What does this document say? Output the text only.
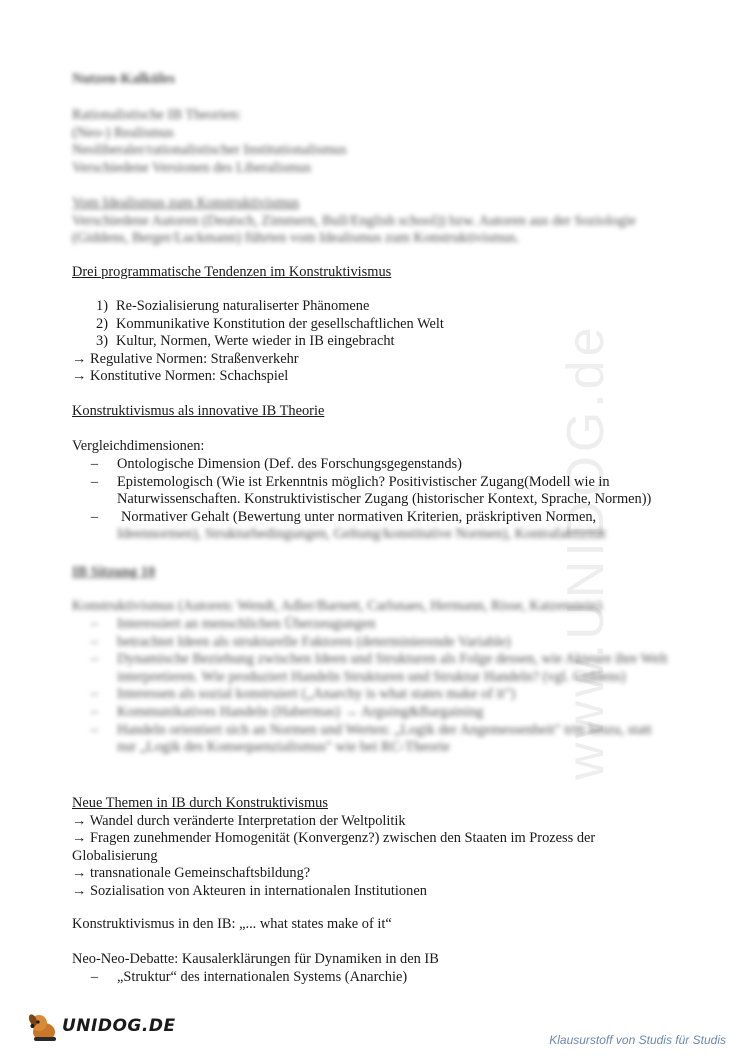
www.UNIDOG.de
Nutzen-Kalküles
Rationalistische IB Theorien:
(Neo-) Realismus
Neoliberaler/rationalistischer Institutionalismus
Verschiedene Versionen des Liberalismus
Vom Idealismus zum Konstruktivismus
Verschiedene Autoren (Deutsch, Zimmern, Bull/English school)) bzw. Autoren aus der Soziologie (Giddens, Berger/Luckmann) führten vom Idealismus zum Konstruktivismus.
Drei programmatische Tendenzen im Konstruktivismus
1) Re-Sozialisierung naturaliserter Phänomene
2) Kommunikative Konstitution der gesellschaftlichen Welt
3) Kultur, Normen, Werte wieder in IB eingebracht
→ Regulative Normen: Straßenverkehr
→ Konstitutive Normen: Schachspiel
Konstruktivismus als innovative IB Theorie
Vergleichdimensionen:
–	Ontologische Dimension (Def. des Forschungsgegenstands)
–	Epistemologisch (Wie ist Erkenntnis möglich? Positivistischer Zugang(Modell wie in Naturwissenschaften. Konstruktivistischer Zugang (historischer Kontext, Sprache, Normen))
–	Normativer Gehalt (Bewertung unter normativen Kriterien, präskriptiven Normen,
Ideennormen), Strukturbedingungen, Geltung/konstitutive Normen), Kontrafaktizität
IB Sitzung 10
Konstruktivismus (Autoren: Wendt, Adler/Barnett, Carlsnaes, Hermann, Risse, Katzenstein)
–	Interessiert an menschlichen Überzeugungen
–	betrachtet Ideen als strukturelle Faktoren (determinierende Variable)
–	Dynamische Beziehung zwischen Ideen und Strukturen als Folge dessen, wie Akteure ihre Welt interpretieren. Wie produziert Handeln Strukturen und Struktur Handeln? (vgl. Giddens)
–	Interessen als sozial konstruiert („Anarchy is what states make of it")
–	Kommunikatives Handeln (Habermas) → Arguing&Bargaining
–	Handeln orientiert sich an Normen und Werten: „Logik der Angemessenheit" tritt hinzu, statt nur „Logik des Konsequenzialismus" wie bei RC-Theorie
Neue Themen in IB durch Konstruktivismus
→ Wandel durch veränderte Interpretation der Weltpolitik
→ Fragen zunehmender Homogenität (Konvergenz?) zwischen den Staaten im Prozess der
Globalisierung
→ transnationale Gemeinschaftsbildung?
→ Sozialisation von Akteuren in internationalen Institutionen
Konstruktivismus in den IB: „... what states make of it“
Neo-Neo-Debatte: Kausalerklärungen für Dynamiken in den IB
–	„Struktur“ des internationalen Systems (Anarchie)
UNIDOG.DE
Klausurstoff von Studis für Studis
